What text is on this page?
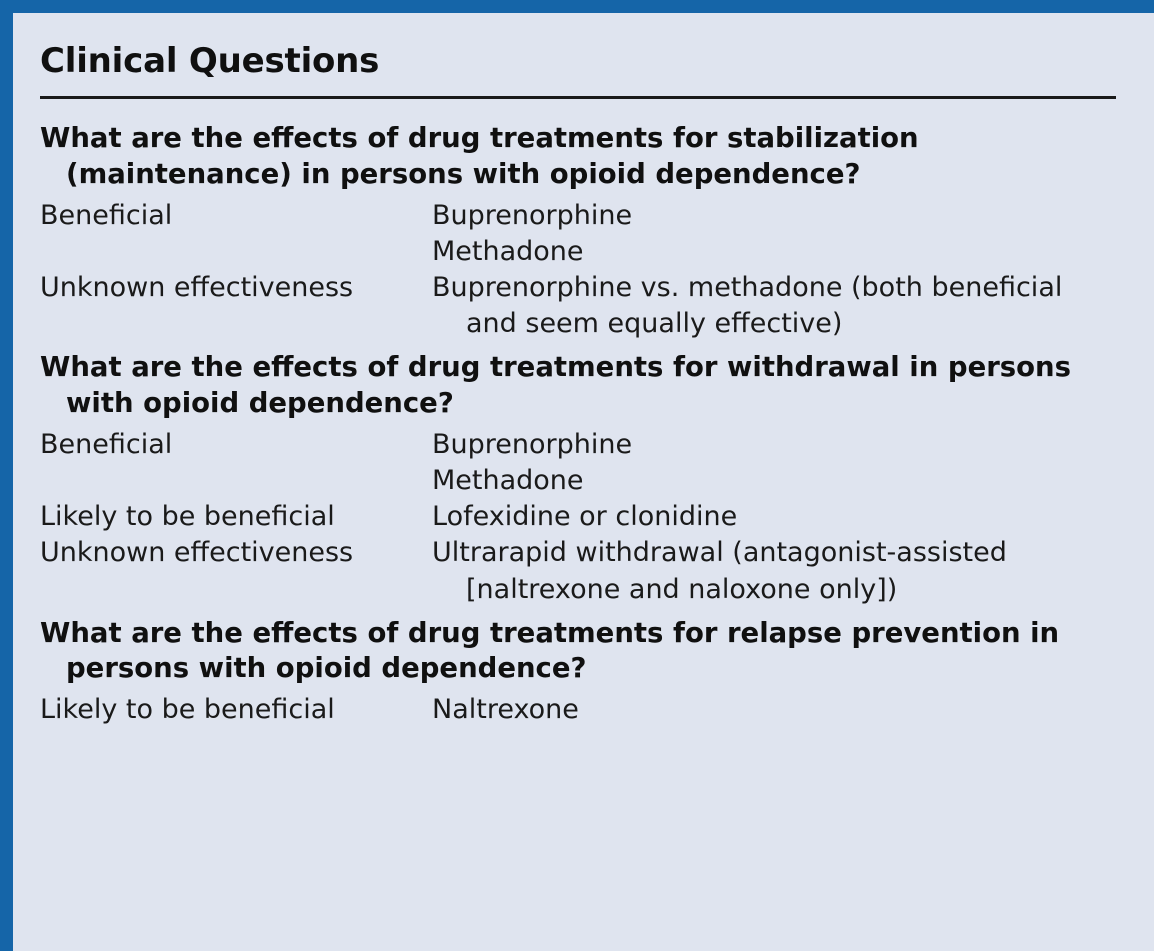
Clinical Questions
What are the effects of drug treatments for stabilization
(maintenance) in persons with opioid dependence?
Beneficial	Buprenorphine
Methadone
Unknown effectiveness	Buprenorphine vs. methadone (both beneficial
and seem equally effective)
What are the effects of drug treatments for withdrawal in persons
with opioid dependence?
Beneficial	Buprenorphine
Methadone
Likely to be beneficial	Lofexidine or clonidine
Unknown effectiveness	Ultrarapid withdrawal (antagonist-assisted
[naltrexone and naloxone only])
What are the effects of drug treatments for relapse prevention in
persons with opioid dependence?
Likely to be beneficial	Naltrexone
